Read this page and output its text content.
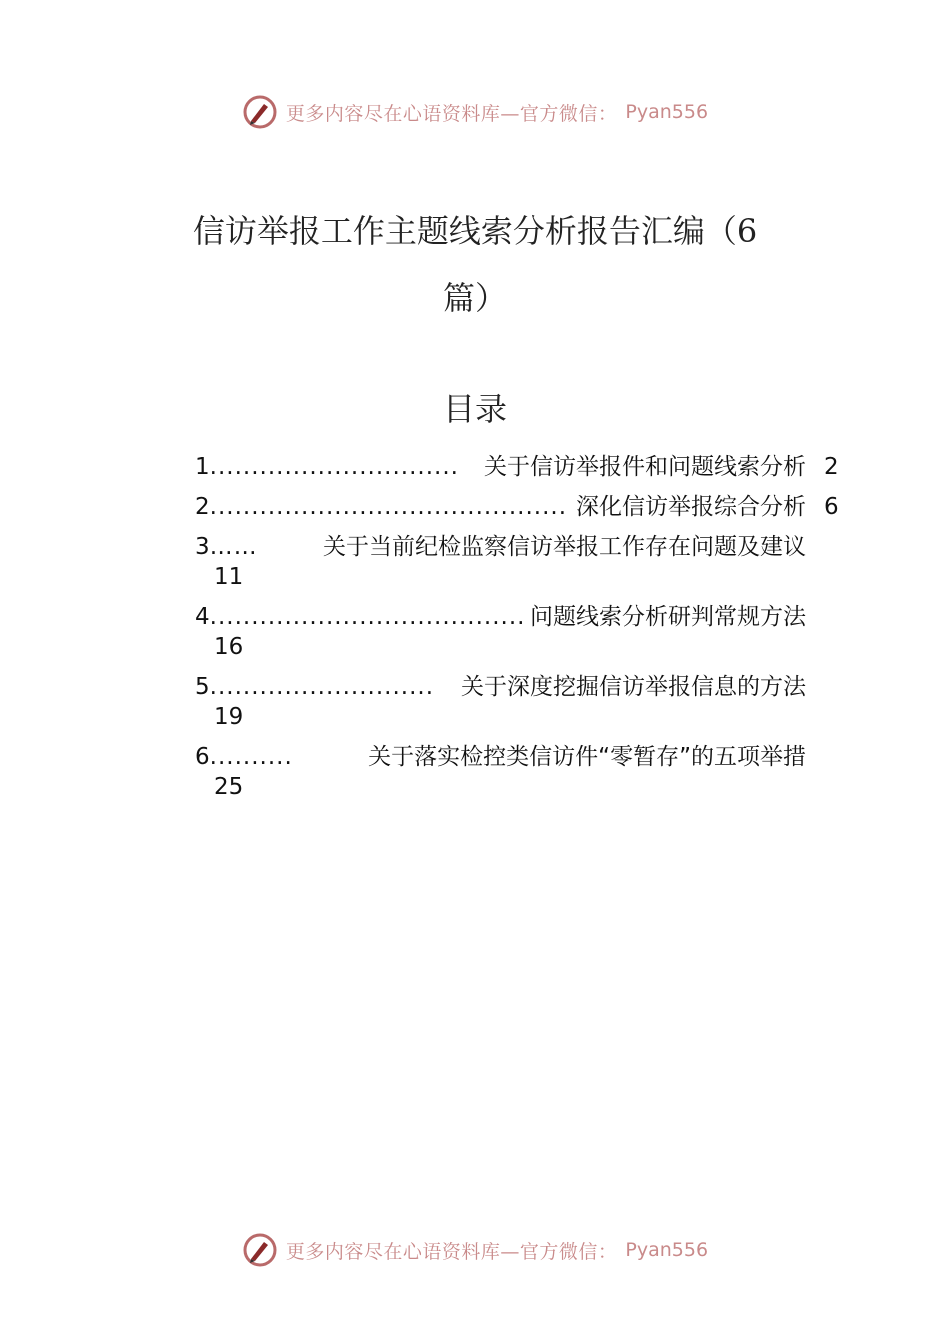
更多内容尽在心语资料库—官方微信： Pyan556
信访举报工作主题线索分析报告汇编（6
篇）
目录
1 ..............................	关于信访举报件和问题线索分析 2
2 ........................................... 深化信访举报综合分析 6
3 ……	关于当前纪检监察信访举报工作存在问题及建议
11
4 ...................................... 问题线索分析研判常规方法
16
5 ...........................	关于深度挖掘信访举报信息的方法
19
6 ..........	关于落实检控类信访件“零暂存”的五项举措
25
更多内容尽在心语资料库—官方微信： Pyan556
